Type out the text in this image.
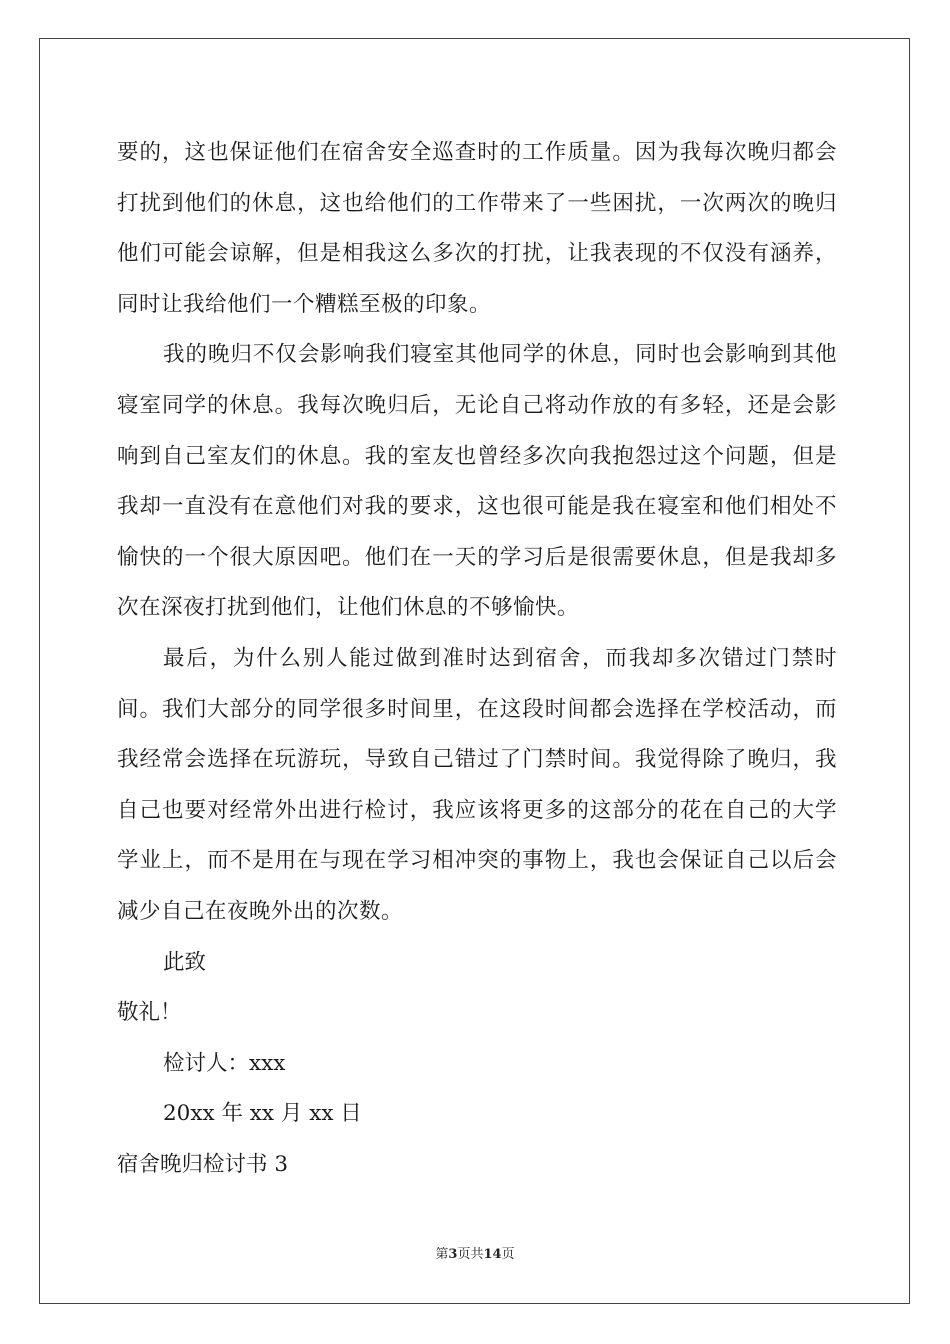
要的，这也保证他们在宿舍安全巡查时的工作质量。因为我每次晚归都会打扰到他们的休息，这也给他们的工作带来了一些困扰，一次两次的晚归他们可能会谅解，但是相我这么多次的打扰，让我表现的不仅没有涵养，同时让我给他们一个糟糕至极的印象。

我的晚归不仅会影响我们寝室其他同学的休息，同时也会影响到其他寝室同学的休息。我每次晚归后，无论自己将动作放的有多轻，还是会影响到自己室友们的休息。我的室友也曾经多次向我抱怨过这个问题，但是我却一直没有在意他们对我的要求，这也很可能是我在寝室和他们相处不愉快的一个很大原因吧。他们在一天的学习后是很需要休息，但是我却多次在深夜打扰到他们，让他们休息的不够愉快。

最后，为什么别人能过做到准时达到宿舍，而我却多次错过门禁时间。我们大部分的同学很多时间里，在这段时间都会选择在学校活动，而我经常会选择在玩游玩，导致自己错过了门禁时间。我觉得除了晚归，我自己也要对经常外出进行检讨，我应该将更多的这部分的花在自己的大学学业上，而不是用在与现在学习相冲突的事物上，我也会保证自己以后会减少自己在夜晚外出的次数。

此致

敬礼！

检讨人：xxx

20xx 年 xx 月 xx 日

宿舍晚归检讨书 3

第3页共14页
